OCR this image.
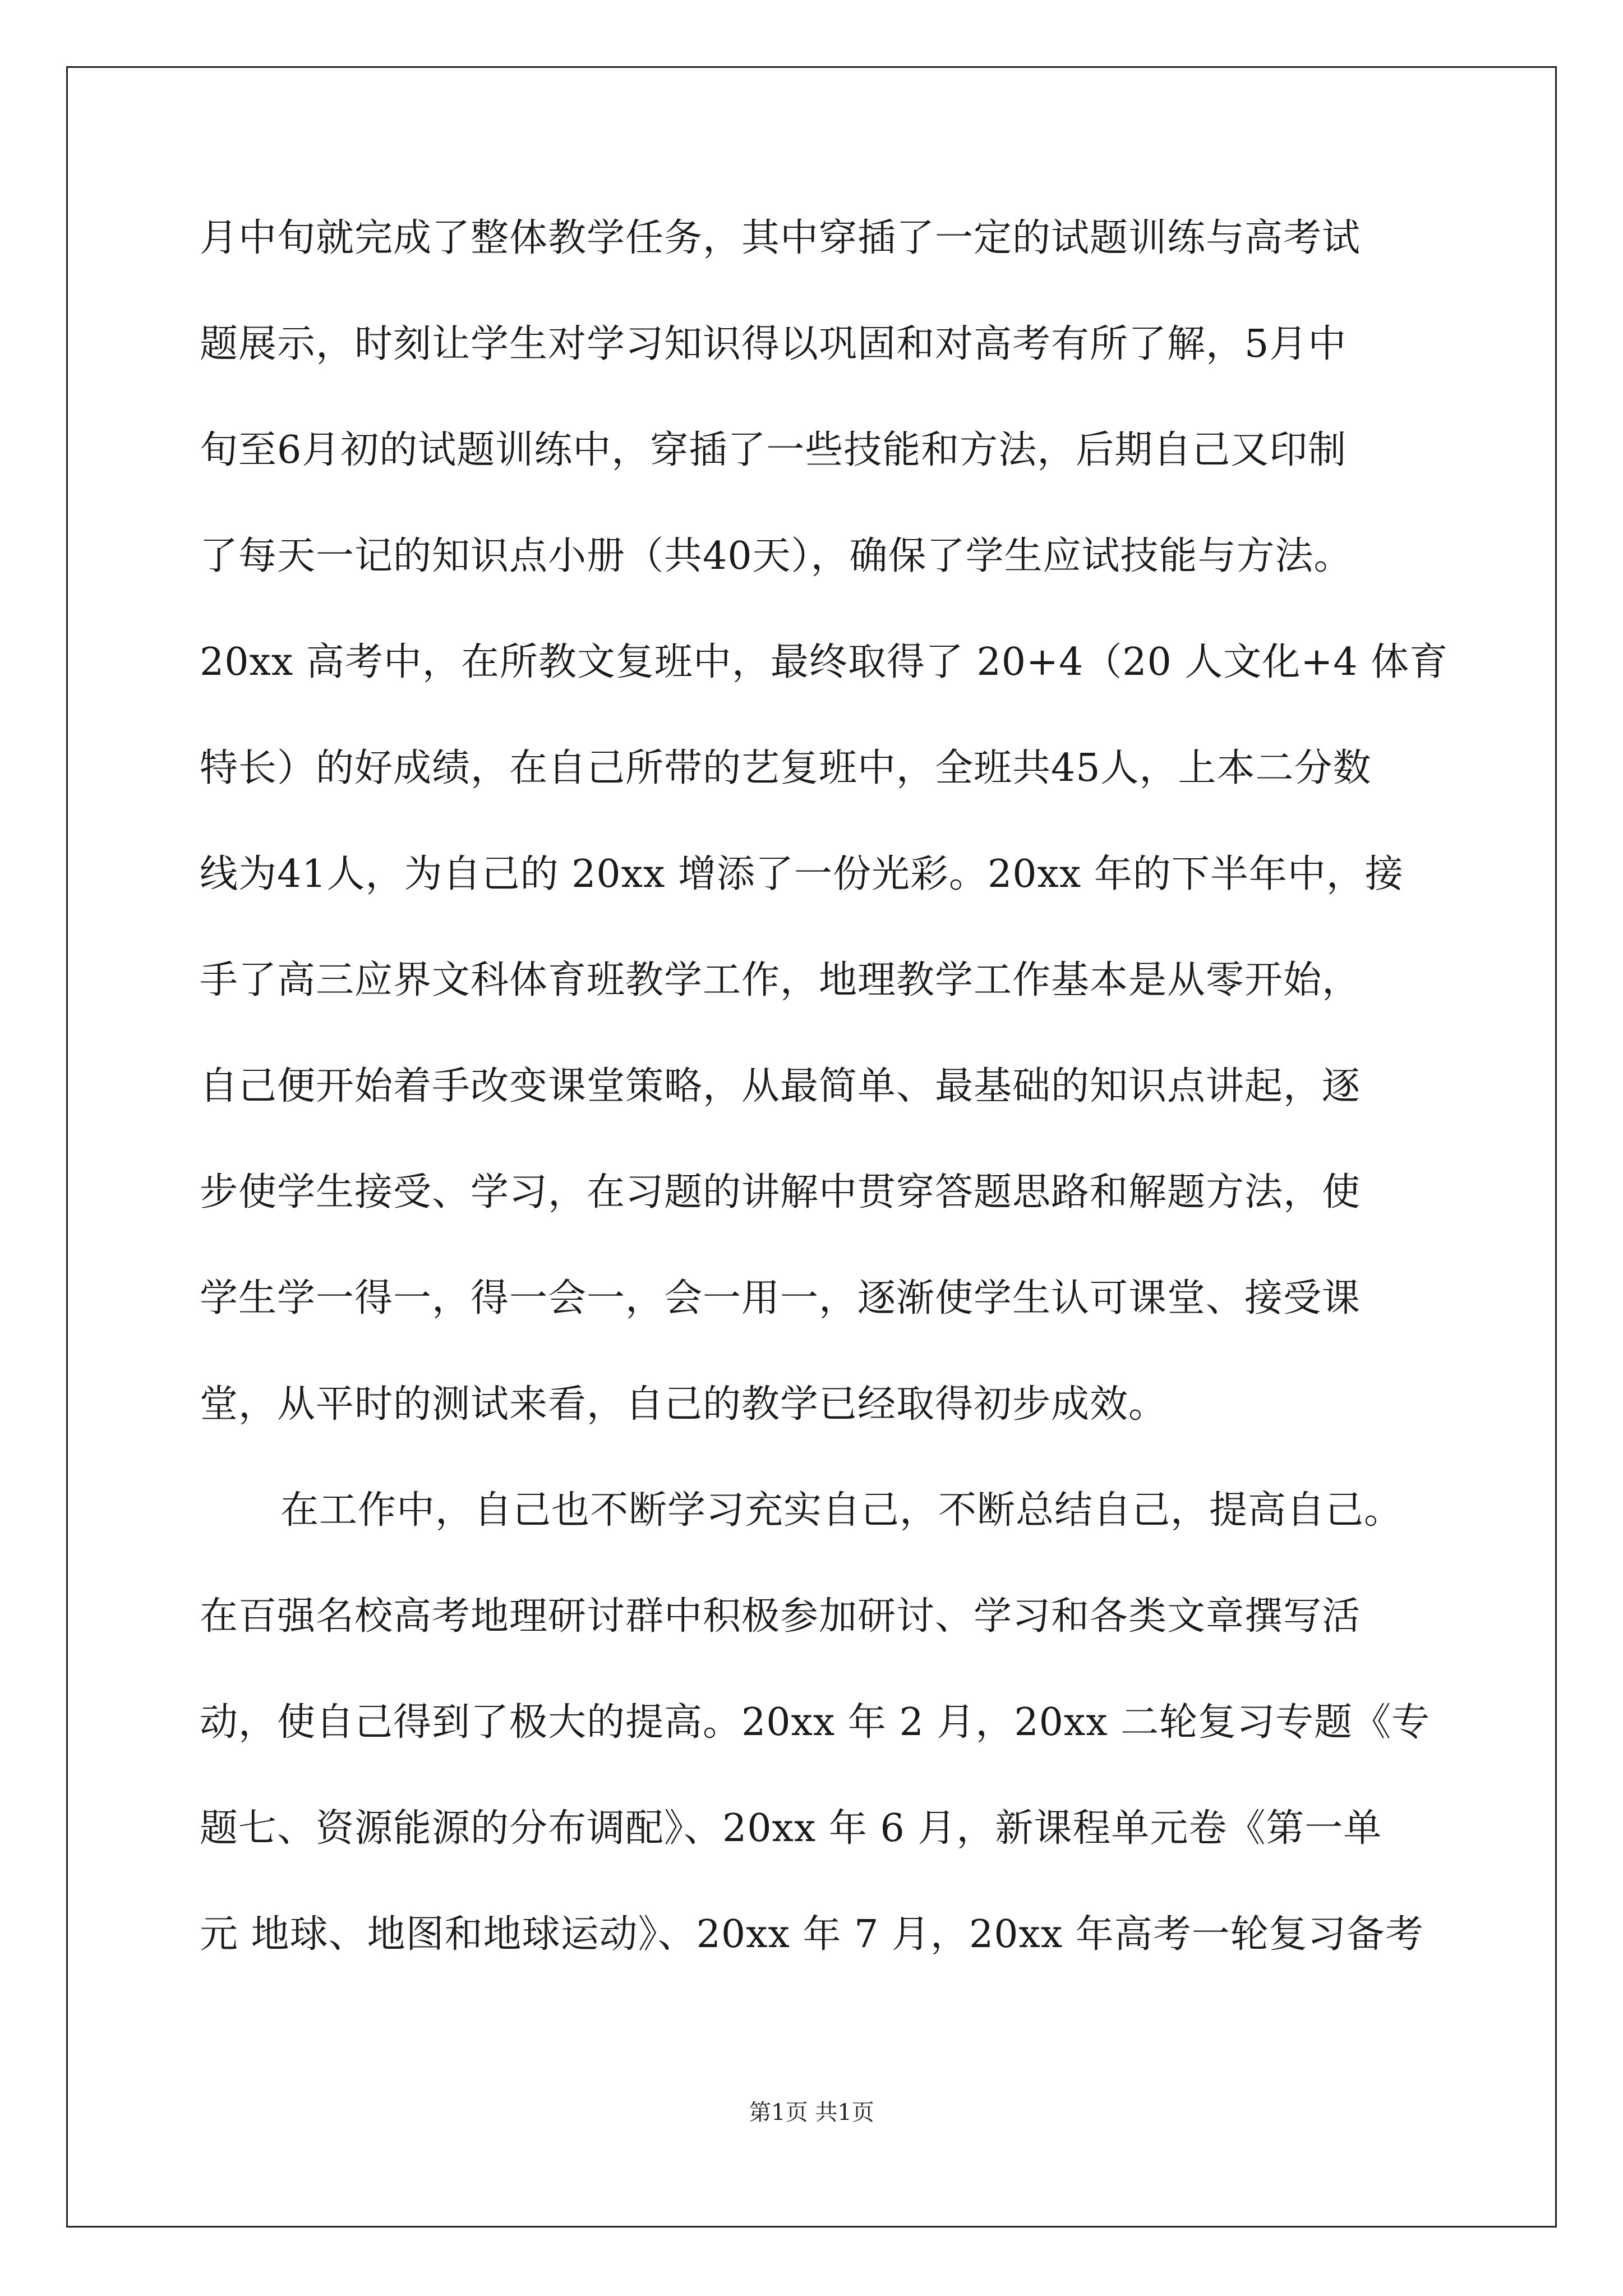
月中旬就完成了整体教学任务，其中穿插了一定的试题训练与高考试
题展示，时刻让学生对学习知识得以巩固和对高考有所了解，5月中
旬至6月初的试题训练中，穿插了一些技能和方法，后期自己又印制
了每天一记的知识点小册（共40天），确保了学生应试技能与方法。
20xx 高考中，在所教文复班中，最终取得了 20+4（20 人文化+4 体育
特长）的好成绩，在自己所带的艺复班中，全班共45人，上本二分数
线为41人，为自己的 20xx 增添了一份光彩。20xx 年的下半年中，接
手了高三应界文科体育班教学工作，地理教学工作基本是从零开始，
自己便开始着手改变课堂策略，从最简单、最基础的知识点讲起，逐
步使学生接受、学习，在习题的讲解中贯穿答题思路和解题方法，使
学生学一得一，得一会一，会一用一，逐渐使学生认可课堂、接受课
堂，从平时的测试来看，自己的教学已经取得初步成效。
在工作中，自己也不断学习充实自己，不断总结自己，提高自己。
在百强名校高考地理研讨群中积极参加研讨、学习和各类文章撰写活
动，使自己得到了极大的提高。20xx 年 2 月，20xx 二轮复习专题《专
题七、资源能源的分布调配》、20xx 年 6 月，新课程单元卷《第一单
元 地球、地图和地球运动》、20xx 年 7 月，20xx 年高考一轮复习备考
第1页 共1页
